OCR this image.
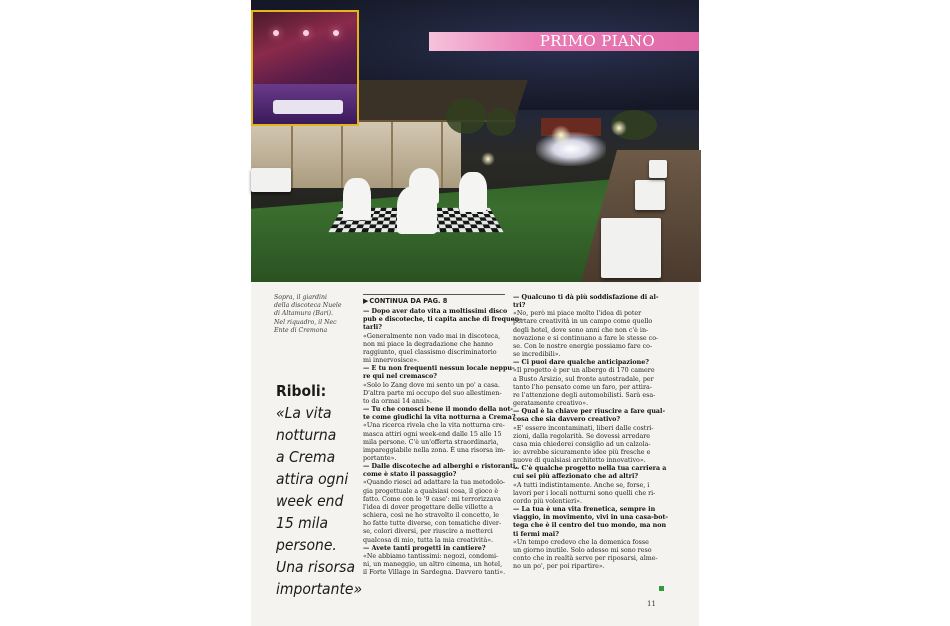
PRIMO PIANO
Sopra, il giardini
della discoteca Nuele
di Altamura (Bari).
Nel riquadro, il Nec
Ente di Cremona
Riboli:
«La vita
notturna
a Crema
attira ogni
week end
15 mila
persone.
Una risorsa
importante»
▶ CONTINUA DA PAG. 8

— Dopo aver dato vita a moltissimi disco

pub e discoteche, ti capita anche di frequen-

tarli?

«Generalmente non vado mai in discoteca,

non mi piace la degradazione che hanno

raggiunto, quel classismo discriminatorio

mi innervosisce».

— E tu non frequenti nessun locale neppu-

re qui nel cremasco?

«Solo lo Zang dove mi sento un po' a casa.

D'altra parte mi occupo del suo allestimen-

to da ormai 14 anni».

— Tu che conosci bene il mondo della not-

te come giudichi la vita notturna a Crema?

«Una ricerca rivela che la vita notturna cre-

masca attiri ogni week-end dalle 15 alle 15

mila persone. C'è un'offerta straordinaria,

impareggiabile nella zona. È una risorsa im-

portante».

— Dalle discoteche ad alberghi e ristoranti,

come è stato il passaggio?

«Quando riesci ad adattare la tua metodolo-

gia progettuale a qualsiasi cosa, il gioco è

fatto. Come con le '9 case': mi terrorizzava

l'idea di dover progettare delle villette a

schiera, così ne ho stravolto il concetto, le

ho fatte tutte diverse, con tematiche diver-

se, colori diversi, per riuscire a metterci

qualcosa di mio, tutta la mia creatività».

— Avete tanti progetti in cantiere?

«Ne abbiamo tantissimi: negozi, condomi-

ni, un maneggio, un altro cinema, un hotel,

il Forte Village in Sardegna. Davvero tanti».

— Qualcuno ti dà più soddisfazione di al-

tri?

«No, però mi piace molto l'idea di poter

portare creatività in un campo come quello

degli hotel, dove sono anni che non c'è in-

novazione e si continuano a fare le stesse co-

se. Con le nostre energie possiamo fare co-

se incredibili».

— Ci puoi dare qualche anticipazione?

«Il progetto è per un albergo di 170 camere

a Busto Arsizio, sul fronte autostradale, per

tanto l'ho pensato come un faro, per attira-

re l'attenzione degli automobilisti. Sarà esa-

geratamente creativo».

— Qual è la chiave per riuscire a fare qual-

cosa che sia davvero creativo?

«E' essere incontaminati, liberi dalle costri-

zioni, dalla regolarità. Se dovessi arredare

casa mia chiederei consiglio ad un calzola-

io: avrebbe sicuramente idee più fresche e

nuove di qualsiasi architetto innovativo».

— C'è qualche progetto nella tua carriera a

cui sei più affezionato che ad altri?

«A tutti indistintamente. Anche se, forse, i

lavori per i locali notturni sono quelli che ri-

cordo più volentieri».

— La tua è una vita frenetica, sempre in

viaggio, in movimento, vivi in una casa-bot-

tega che è il centro del tuo mondo, ma non

ti fermi mai?

«Un tempo credevo che la domenica fosse

un giorno inutile. Solo adesso mi sono reso

conto che in realtà serve per riposarsi, alme-

no un po', per poi ripartire».

11
